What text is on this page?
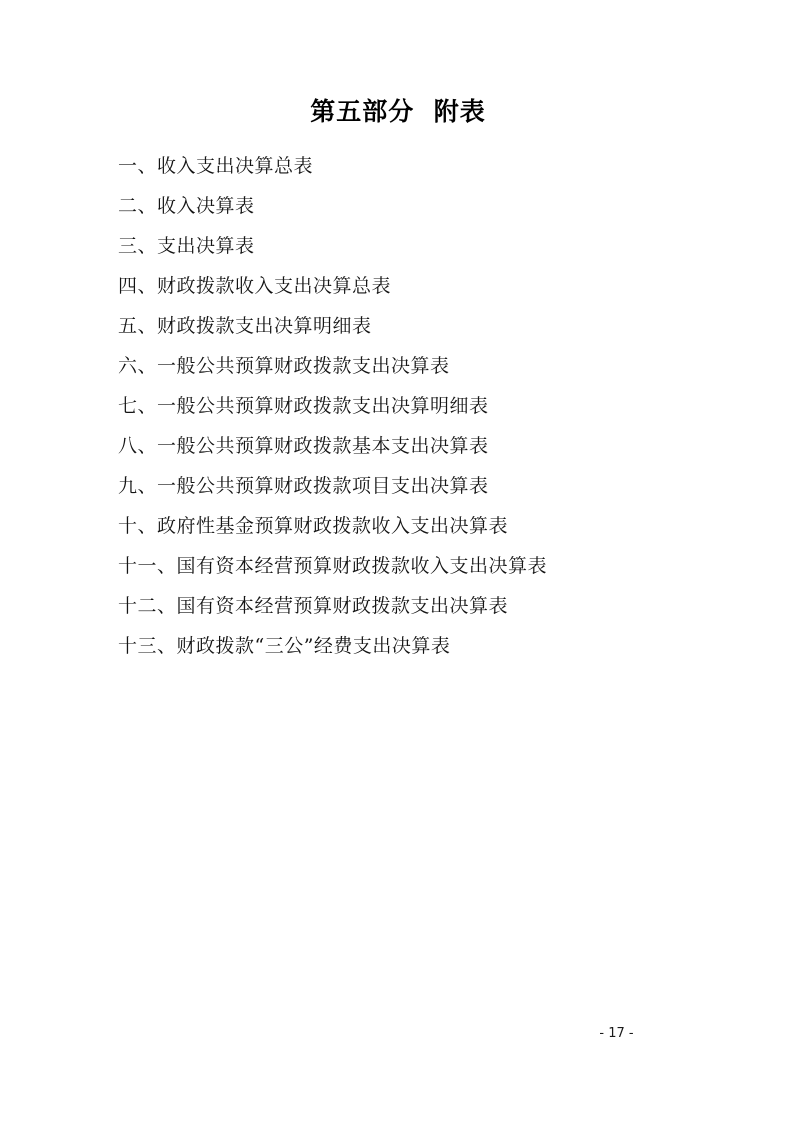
第五部分  附表
一、收入支出决算总表
二、收入决算表
三、支出决算表
四、财政拨款收入支出决算总表
五、财政拨款支出决算明细表
六、一般公共预算财政拨款支出决算表
七、一般公共预算财政拨款支出决算明细表
八、一般公共预算财政拨款基本支出决算表
九、一般公共预算财政拨款项目支出决算表
十、政府性基金预算财政拨款收入支出决算表
十一、国有资本经营预算财政拨款收入支出决算表
十二、国有资本经营预算财政拨款支出决算表
十三、财政拨款“三公”经费支出决算表
- 17 -
